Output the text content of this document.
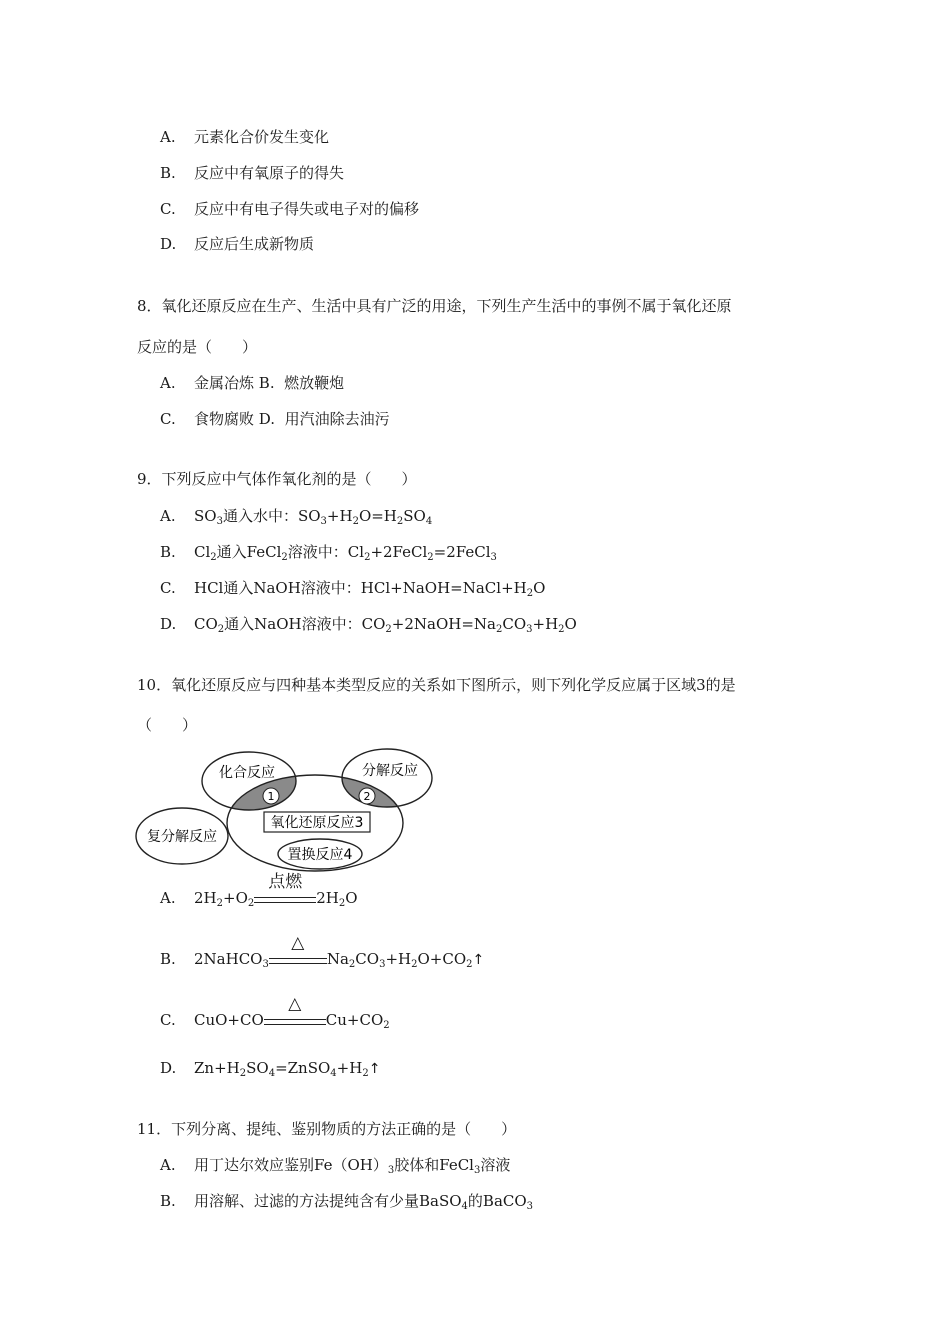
A. 元素化合价发生变化
B. 反应中有氧原子的得失
C. 反应中有电子得失或电子对的偏移
D. 反应后生成新物质
8．氧化还原反应在生产、生活中具有广泛的用途，下列生产生活中的事例不属于氧化还原
反应的是（　　）
A. 金属冶炼 B. 燃放鞭炮
C. 食物腐败 D. 用汽油除去油污
9．下列反应中气体作氧化剂的是（　　）
A. $SO_3$通入水中：$SO_3+H_2O=H_2SO_4$
B. $Cl_2$通入FeCl$_2$溶液中：$Cl_2+2FeCl_2=2FeCl_3$
C. HCl通入NaOH溶液中：$HCl+NaOH=NaCl+H_2O$
D. $CO_2$通入NaOH溶液中：$CO_2+2NaOH=Na_2CO_3+H_2O$
10．氧化还原反应与四种基本类型反应的关系如下图所示，则下列化学反应属于区域3的是
（　　）
1	2
化合反应	分解反应
复分解反应
氧化还原反应3
置换反应4
A. $2H_2+O_2$
点燃
$2H_2O$
B. 2NaHCO$_3$
△
$Na_2CO_3+H_2O+CO_2↑$
C. CuO+CO
△
$Cu+CO_2$
D. $Zn+H_2SO_4=ZnSO_4+H_2↑$
11．下列分离、提纯、鉴别物质的方法正确的是（　　）
A. 用丁达尔效应鉴别$Fe(OH)_3$胶体和FeCl$_3$溶液
B. 用溶解、过滤的方法提纯含有少量BaSO$_4$的BaCO$_3$
